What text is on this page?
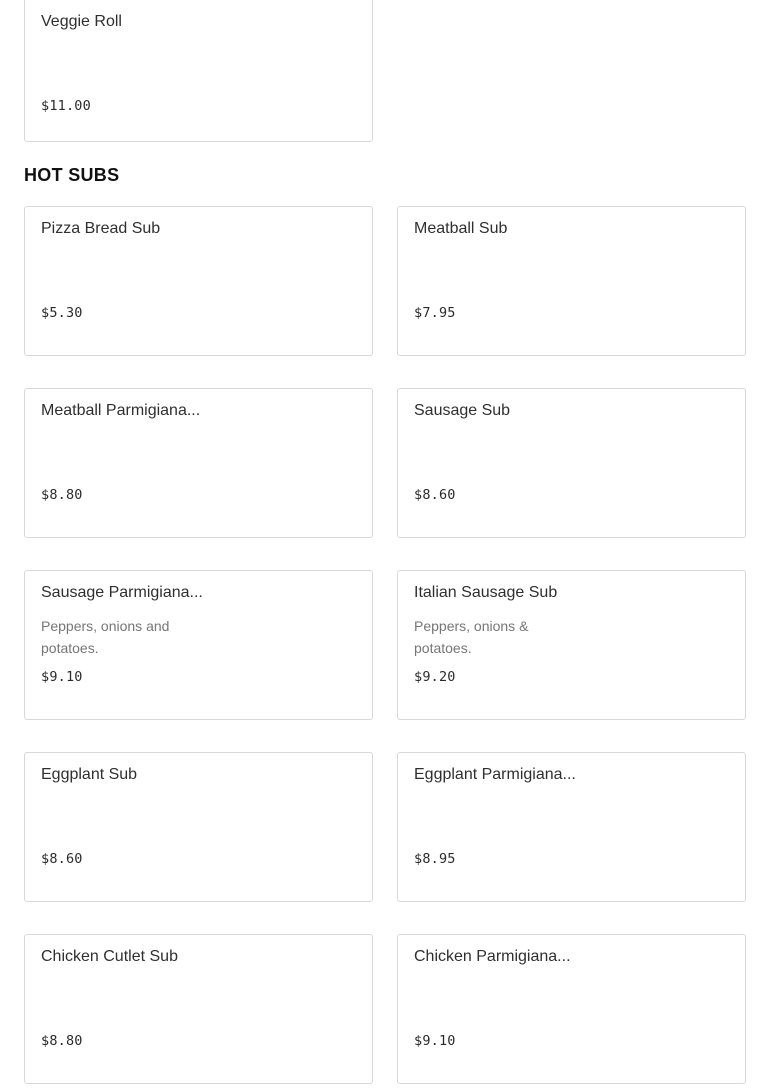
Veggie Roll
$11.00
HOT SUBS
Pizza Bread Sub
$5.30
Meatball Sub
$7.95
Meatball Parmigiana...
$8.80
Sausage Sub
$8.60
Sausage Parmigiana...
Peppers, onions and potatoes.
$9.10
Italian Sausage Sub
Peppers, onions & potatoes.
$9.20
Eggplant Sub
$8.60
Eggplant Parmigiana...
$8.95
Chicken Cutlet Sub
$8.80
Chicken Parmigiana...
$9.10
